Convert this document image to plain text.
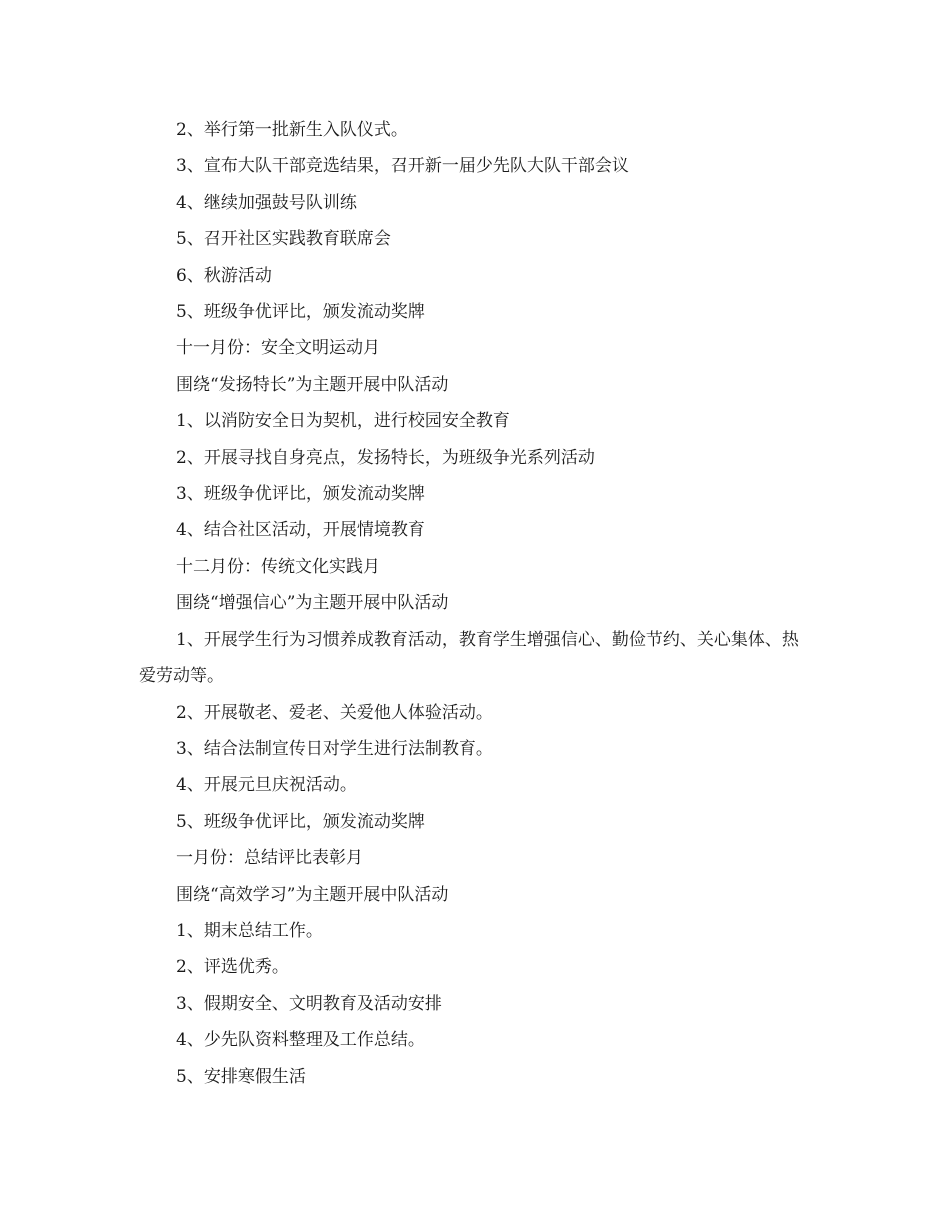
2、举行第一批新生入队仪式。

3、宣布大队干部竞选结果，召开新一届少先队大队干部会议

4、继续加强鼓号队训练

5、召开社区实践教育联席会

6、秋游活动

5、班级争优评比，颁发流动奖牌

十一月份：安全文明运动月

围绕“发扬特长”为主题开展中队活动

1、以消防安全日为契机，进行校园安全教育

2、开展寻找自身亮点，发扬特长，为班级争光系列活动

3、班级争优评比，颁发流动奖牌

4、结合社区活动，开展情境教育

十二月份：传统文化实践月

围绕“增强信心”为主题开展中队活动

1、开展学生行为习惯养成教育活动，教育学生增强信心、勤俭节约、关心集体、热爱劳动等。

2、开展敬老、爱老、关爱他人体验活动。

3、结合法制宣传日对学生进行法制教育。

4、开展元旦庆祝活动。

5、班级争优评比，颁发流动奖牌

一月份：总结评比表彰月

围绕“高效学习”为主题开展中队活动

1、期末总结工作。

2、评选优秀。

3、假期安全、文明教育及活动安排

4、少先队资料整理及工作总结。

5、安排寒假生活
